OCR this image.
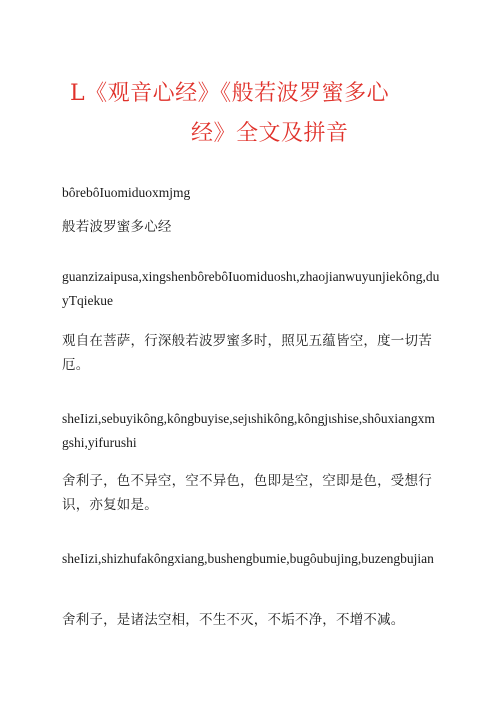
L《观音心经》《般若波罗蜜多心
经》全文及拼音
bȏrebȏIuomiduoxmjmg
般若波罗蜜多心经
guanzizaipusa,xingshenbȏrebȏIuomiduoshι,zhaojianwuyunjiekȏng,duyTqiekue
观自在菩萨，行深般若波罗蜜多时，照见五蕴皆空，度一切苦厄。
sheIizi,sebuyikȏng,kȏngbuyise,sejιshikȏng,kȏngjιshise,shȏuxiangxmgshi,yifurushi
舍利子，色不异空，空不异色，色即是空，空即是色，受想行识，亦复如是。
sheIizi,shizhufakȏngxiang,bushengbumie,bugȏubujing,buzengbujian
舍利子，是诸法空相，不生不灭，不垢不净，不增不减。
